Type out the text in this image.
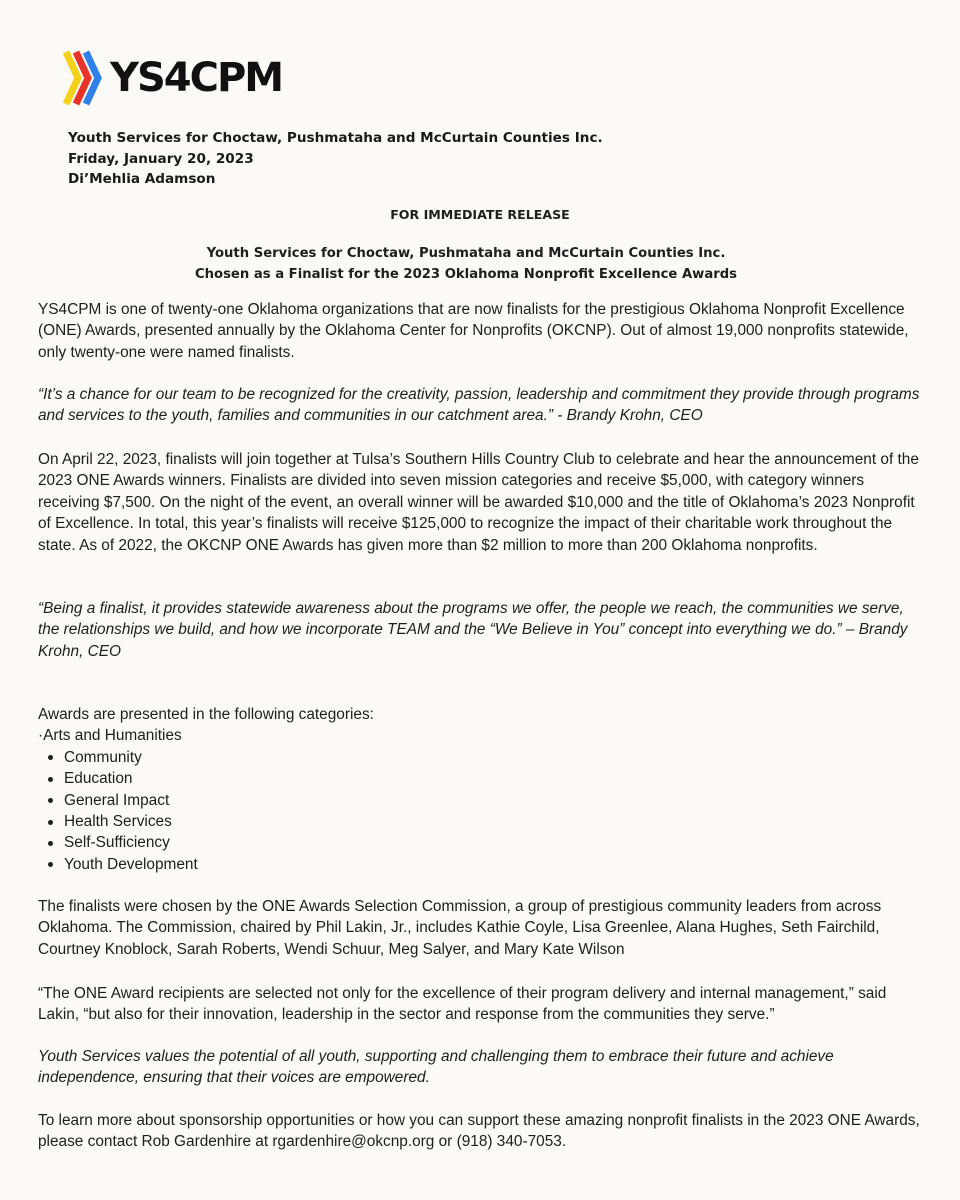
YS4CPM
Youth Services for Choctaw, Pushmataha and McCurtain Counties Inc.
Friday, January 20, 2023
Di’Mehlia Adamson
FOR IMMEDIATE RELEASE
Youth Services for Choctaw, Pushmataha and McCurtain Counties Inc.
Chosen as a Finalist for the 2023 Oklahoma Nonprofit Excellence Awards

YS4CPM is one of twenty-one Oklahoma organizations that are now finalists for the prestigious Oklahoma Nonprofit Excellence (ONE) Awards, presented annually by the Oklahoma Center for Nonprofits (OKCNP). Out of almost 19,000 nonprofits statewide, only twenty-one were named finalists.

“It’s a chance for our team to be recognized for the creativity, passion, leadership and commitment they provide through programs and services to the youth, families and communities in our catchment area.” - Brandy Krohn, CEO

On April 22, 2023, finalists will join together at Tulsa’s Southern Hills Country Club to celebrate and hear the announcement of the 2023 ONE Awards winners. Finalists are divided into seven mission categories and receive $5,000, with category winners receiving $7,500. On the night of the event, an overall winner will be awarded $10,000 and the title of Oklahoma’s 2023 Nonprofit of Excellence. In total, this year’s finalists will receive $125,000 to recognize the impact of their charitable work throughout the state. As of 2022, the OKCNP ONE Awards has given more than $2 million to more than 200 Oklahoma nonprofits.

“Being a finalist, it provides statewide awareness about the programs we offer, the people we reach, the communities we serve, the relationships we build, and how we incorporate TEAM and the “We Believe in You” concept into everything we do.” – Brandy Krohn, CEO

Awards are presented in the following categories:

·Arts and Humanities

Community
Education
General Impact
Health Services
Self-Sufficiency
Youth Development

The finalists were chosen by the ONE Awards Selection Commission, a group of prestigious community leaders from across Oklahoma. The Commission, chaired by Phil Lakin, Jr., includes Kathie Coyle, Lisa Greenlee, Alana Hughes, Seth Fairchild, Courtney Knoblock, Sarah Roberts, Wendi Schuur, Meg Salyer, and Mary Kate Wilson

“The ONE Award recipients are selected not only for the excellence of their program delivery and internal management,” said Lakin, “but also for their innovation, leadership in the sector and response from the communities they serve.”

Youth Services values the potential of all youth, supporting and challenging them to embrace their future and achieve independence, ensuring that their voices are empowered.

To learn more about sponsorship opportunities or how you can support these amazing nonprofit finalists in the 2023 ONE Awards, please contact Rob Gardenhire at rgardenhire@okcnp.org or (918) 340-7053.
